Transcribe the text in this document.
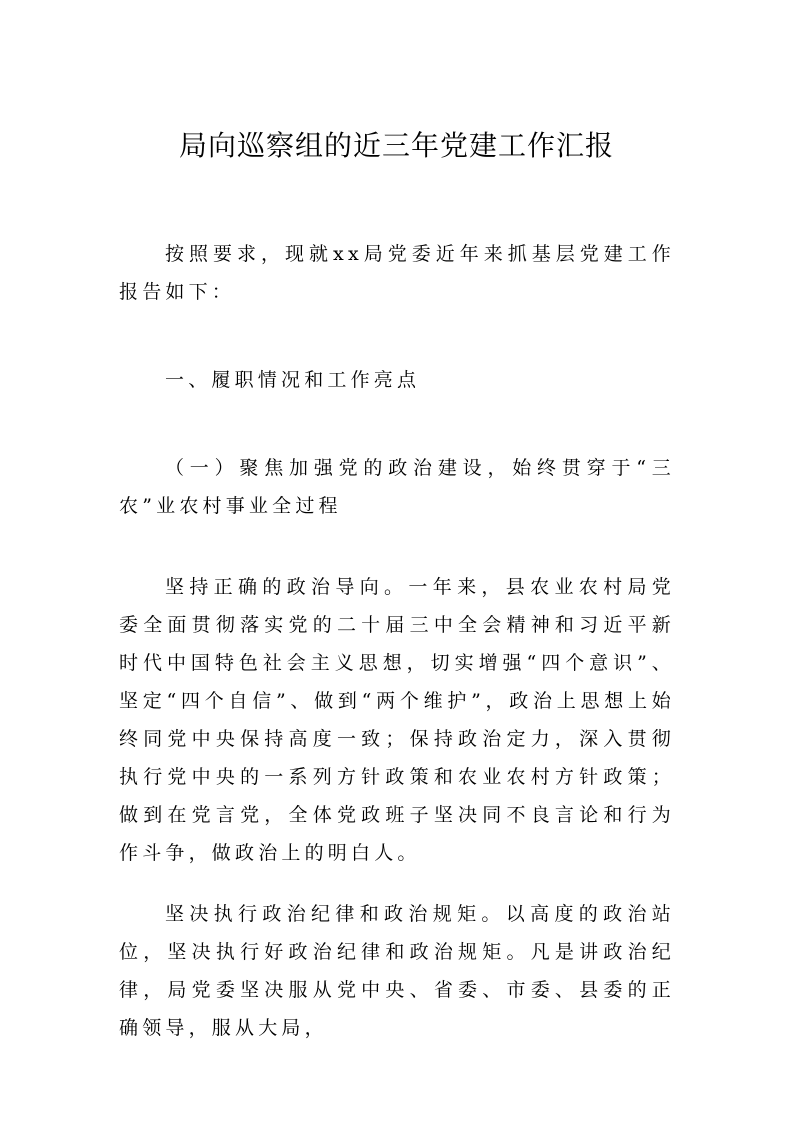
局向巡察组的近三年党建工作汇报

按照要求，现就xx局党委近年来抓基层党建工作报告如下：

一、履职情况和工作亮点

（一）聚焦加强党的政治建设，始终贯穿于“三农”业农村事业全过程

坚持正确的政治导向。一年来，县农业农村局党委全面贯彻落实党的二十届三中全会精神和习近平新时代中国特色社会主义思想，切实增强“四个意识”、坚定“四个自信”、做到“两个维护”，政治上思想上始终同党中央保持高度一致；保持政治定力，深入贯彻执行党中央的一系列方针政策和农业农村方针政策；做到在党言党，全体党政班子坚决同不良言论和行为作斗争，做政治上的明白人。

坚决执行政治纪律和政治规矩。以高度的政治站位，坚决执行好政治纪律和政治规矩。凡是讲政治纪律，局党委坚决服从党中央、省委、市委、县委的正确领导，服从大局，
